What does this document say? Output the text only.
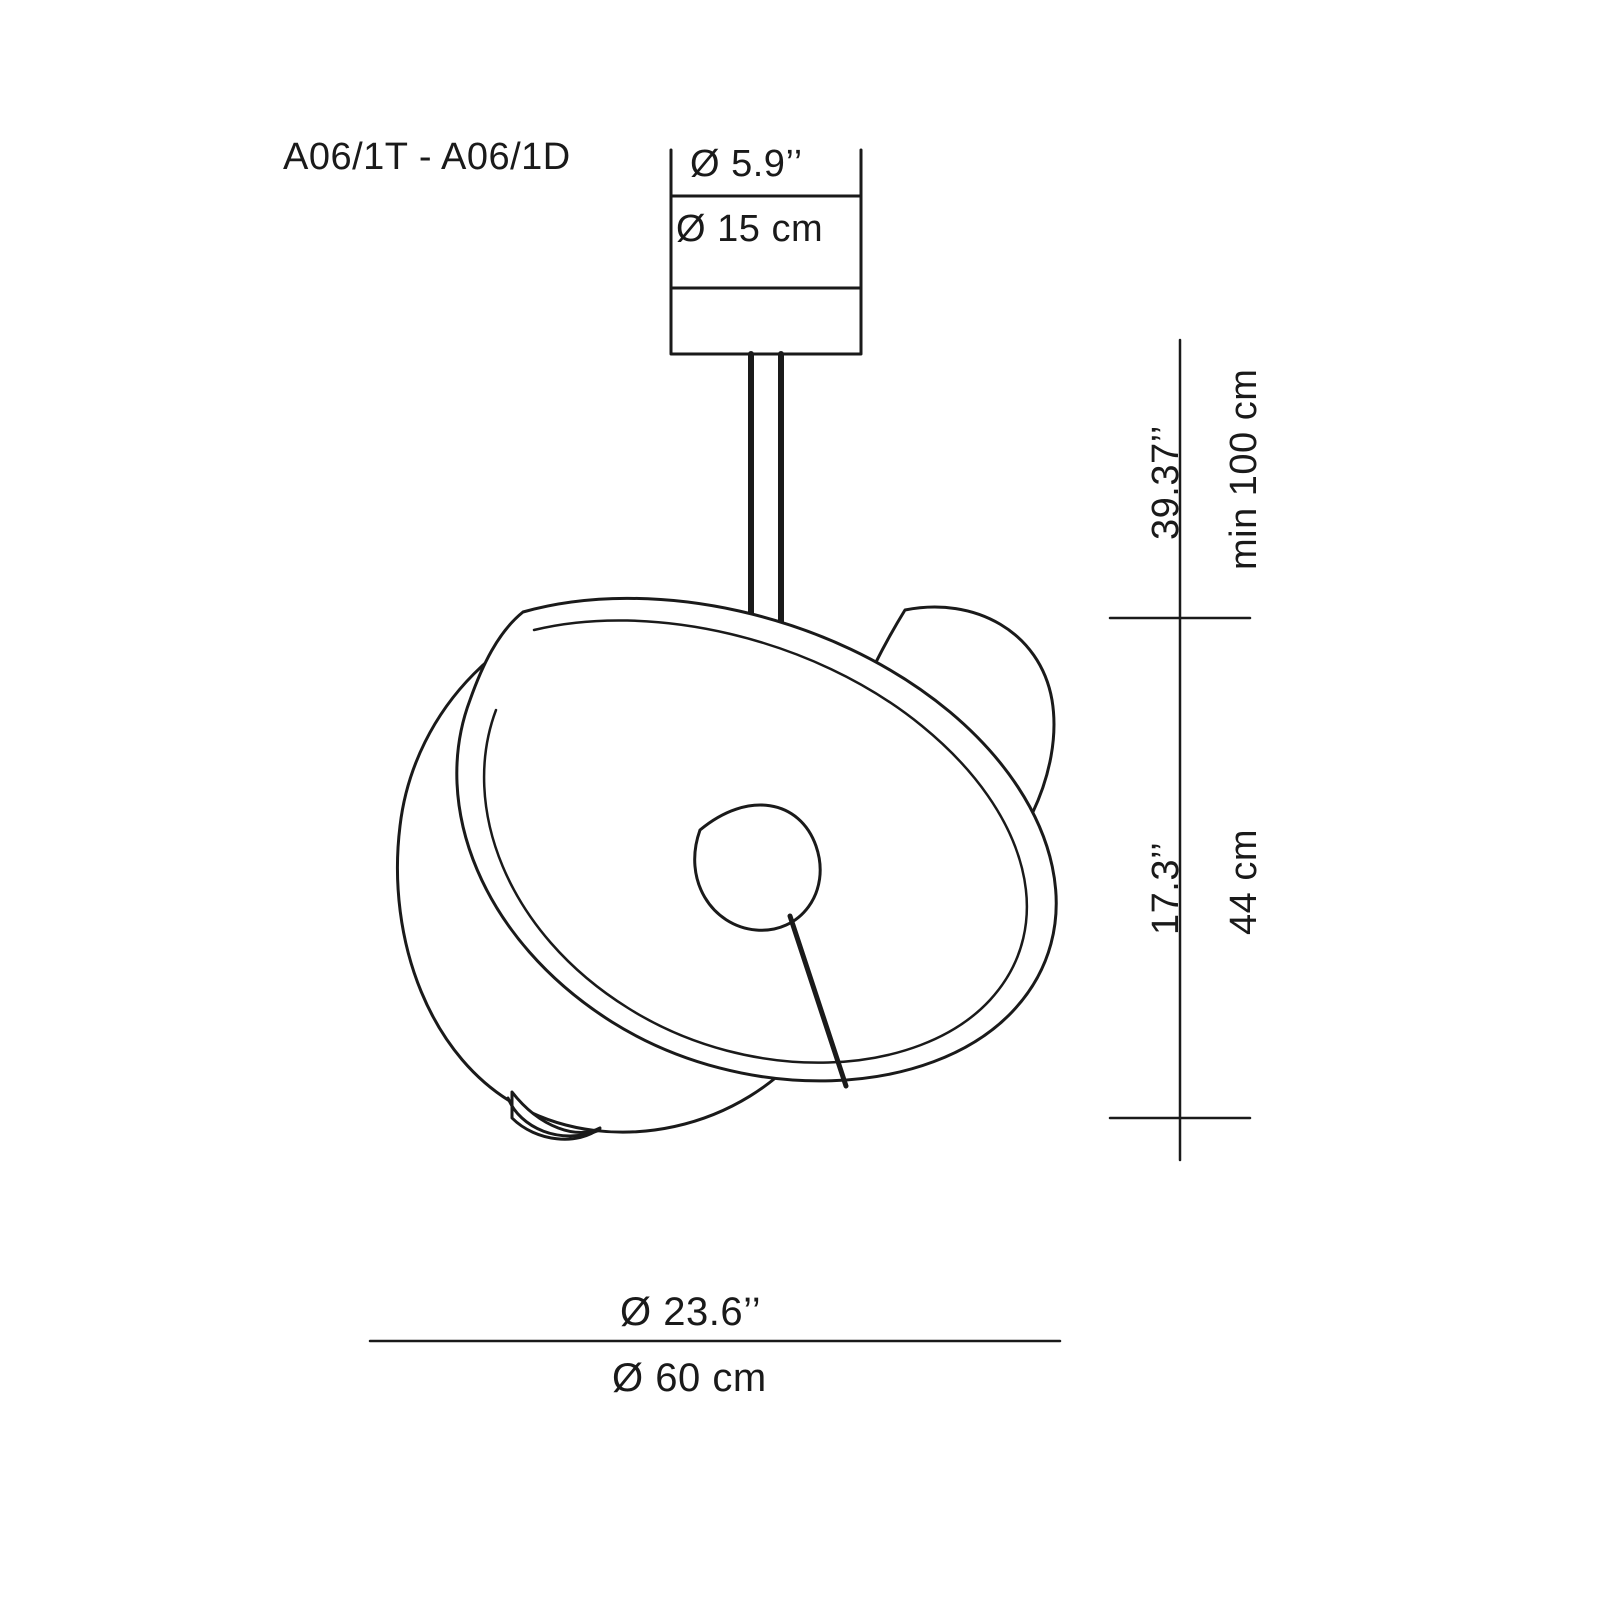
A06/1T - A06/1D	Ø 5.9’’
Ø 15 cm
39.37’’ min 100 cm
17.3’’ 44 cm
Ø 23.6’’
Ø 60 cm
